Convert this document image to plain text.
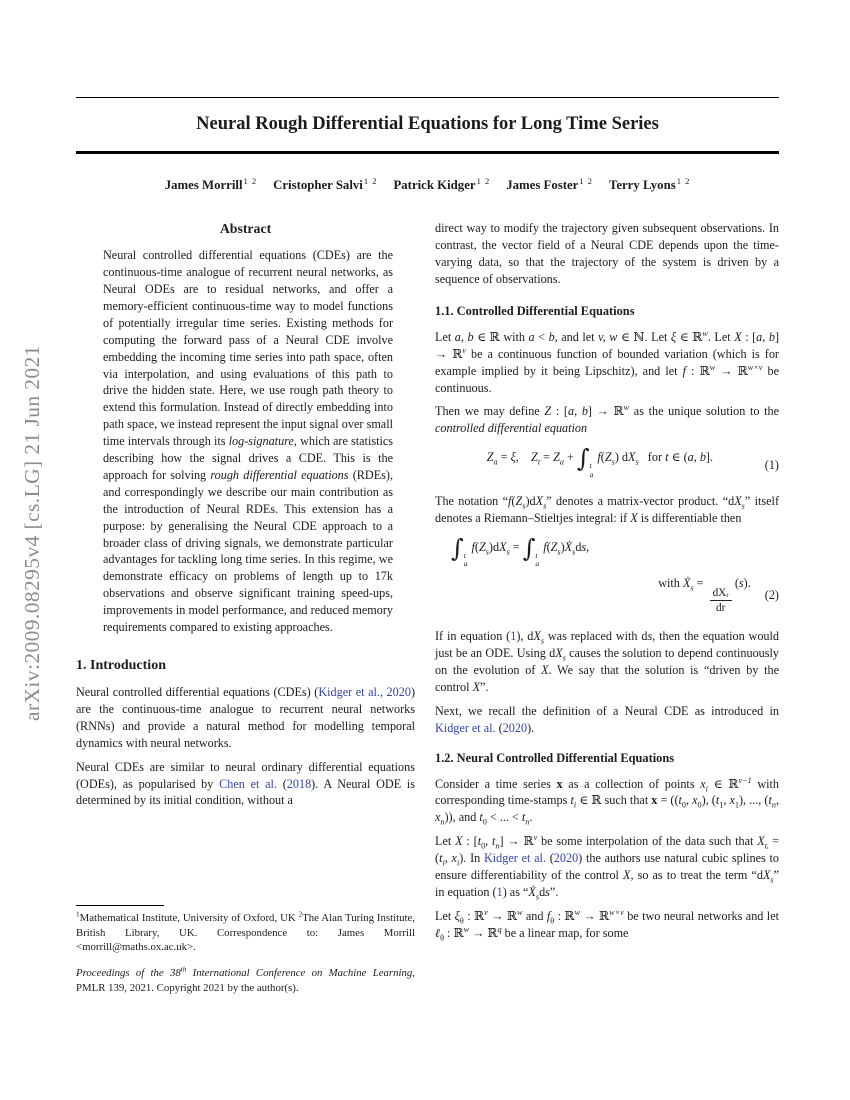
arXiv:2009.08295v4 [cs.LG] 21 Jun 2021
Neural Rough Differential Equations for Long Time Series
James Morrill$^{1 2}$ Cristopher Salvi$^{1 2}$ Patrick Kidger$^{1 2}$ James Foster$^{1 2}$ Terry Lyons$^{1 2}$
Abstract

Neural controlled differential equations (CDEs) are the continuous-time analogue of recurrent neural networks, as Neural ODEs are to residual networks, and offer a memory-efficient continuous-time way to model functions of potentially irregular time series. Existing methods for computing the forward pass of a Neural CDE involve embedding the incoming time series into path space, often via interpolation, and using evaluations of this path to drive the hidden state. Here, we use rough path theory to extend this formulation. Instead of directly embedding into path space, we instead represent the input signal over small time intervals through its log-signature, which are statistics describing how the signal drives a CDE. This is the approach for solving rough differential equations (RDEs), and correspondingly we describe our main contribution as the introduction of Neural RDEs. This extension has a purpose: by generalising the Neural CDE approach to a broader class of driving signals, we demonstrate particular advantages for tackling long time series. In this regime, we demonstrate efficacy on problems of length up to 17k observations and observe significant training speed-ups, improvements in model performance, and reduced memory requirements compared to existing approaches.

1. Introduction

Neural controlled differential equations (CDEs) (Kidger et al., 2020) are the continuous-time analogue to recurrent neural networks (RNNs) and provide a natural method for modelling temporal dynamics with neural networks.

Neural CDEs are similar to neural ordinary differential equations (ODEs), as popularised by Chen et al. (2018). A Neural ODE is determined by its initial condition, without a

$^1$Mathematical Institute, University of Oxford, UK $^2$The Alan Turing Institute, British Library, UK. Correspondence to: James Morrill <morrill@maths.ox.ac.uk>.

Proceedings of the 38th International Conference on Machine Learning, PMLR 139, 2021. Copyright 2021 by the author(s).

direct way to modify the trajectory given subsequent observations. In contrast, the vector field of a Neural CDE depends upon the time-varying data, so that the trajectory of the system is driven by a sequence of observations.

1.1. Controlled Differential Equations

Let a, b ∈ ℝ with a < b, and let v, w ∈ ℕ. Let ξ ∈ ℝ$^w$. Let X : [a, b] → ℝ$^v$ be a continuous function of bounded variation (which is for example implied by it being Lipschitz), and let f : ℝ$^w$ → ℝ$^{w\times v}$ be continuous.

Then we may define Z : [a, b] → ℝ$^w$ as the unique solution to the controlled differential equation

$Z_a = \xi$,    $Z_t = Z_a$ + ∫ t
a
$f(Z_s)$ $dX_s$   for t ∈ (a, b].
(1)

The notation “$f(Z_s)dX_s$” denotes a matrix-vector product. “$dX_s$” itself denotes a Riemann–Stieltjes integral: if X is differentiable then

∫ t
a
$f(Z_s)dX_s$ = ∫ t
a
$f(Z_s)Ẋ_sds$,
with Ẋ$_s$ =
$\frac{\text{dXᵣ}}{dr}$
(s).
(2)

If in equation (1), $dX_s$ was replaced with ds, then the equation would just be an ODE. Using $dX_s$ causes the solution to depend continuously on the evolution of X. We say that the solution is “driven by the control X”.

Next, we recall the definition of a Neural CDE as introduced in Kidger et al. (2020).

1.2. Neural Controlled Differential Equations

Consider a time series x as a collection of points $x_i$ ∈ ℝ$^{v-1}$ with corresponding time-stamps $t_i$ ∈ ℝ such that $x = ((t_0$, $x_0$), ($t_1$, $x_1$), ..., ($t_n$, $x_n$)), and $t_0$ < ... < $t_n$.

Let X : [$t_0$, $t_n$] → ℝ$^v$ be some interpolation of the data such that $X_{tᵢ} = (t_i$, $x_i$). In Kidger et al. (2020) the authors use natural cubic splines to ensure differentiability of the control X, so as to treat the term “$dX_s$” in equation (1) as “Ẋ$_s$ds”.

Let $\xi_\theta$ : ℝ$^v$ → ℝ$^w$ and $f_\theta$ : ℝ$^w$ → ℝ$^{w\times v}$ be two neural networks and let ℓ$_\theta$ : ℝ$^w$ → ℝ$^q$ be a linear map, for some
